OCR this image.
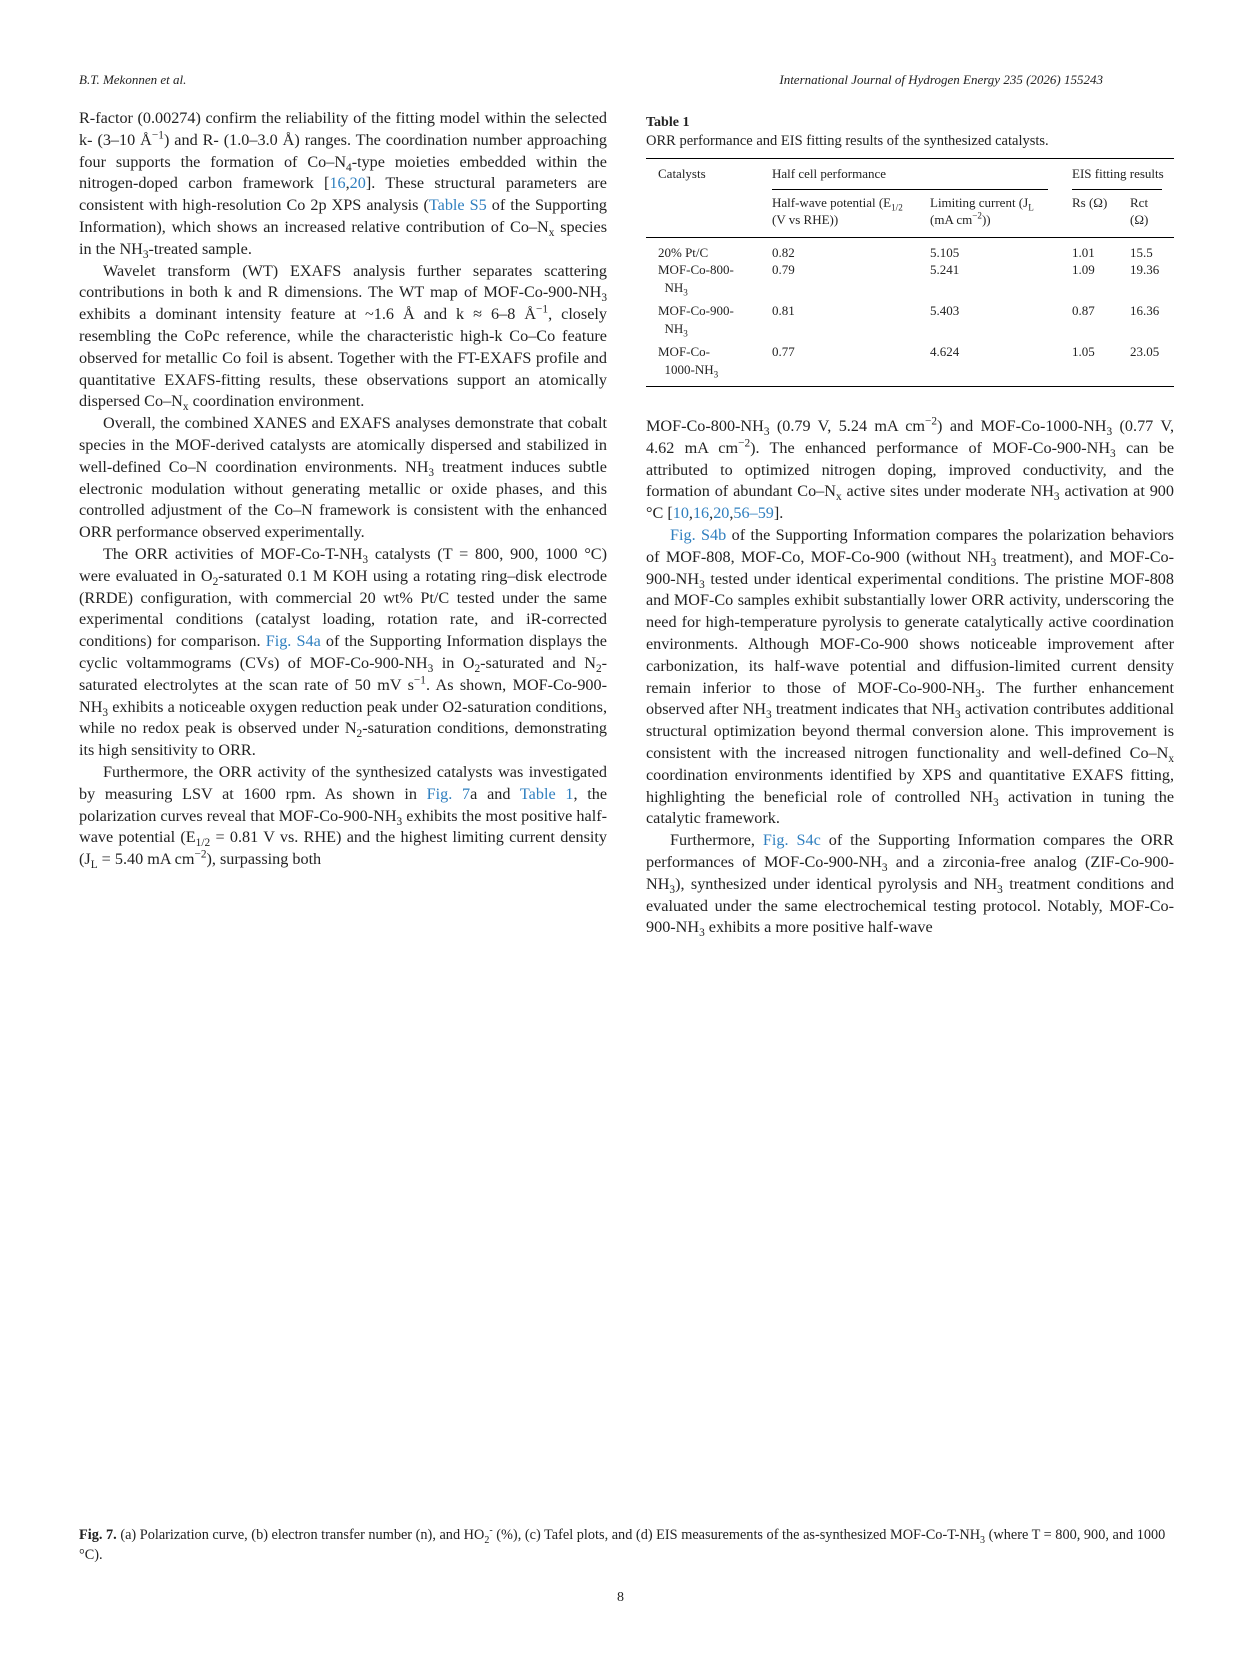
B.T. Mekonnen et al.	International Journal of Hydrogen Energy 235 (2026) 155243

R-factor (0.00274) confirm the reliability of the fitting model within the selected k- (3–10 $Å^{-1}$) and R- (1.0–3.0 Å) ranges. The coordination number approaching four supports the formation of $Co-N_4$-type moieties embedded within the nitrogen-doped carbon framework [16,20]. These structural parameters are consistent with high-resolution Co 2p XPS analysis (Table S5 of the Supporting Information), which shows an increased relative contribution of $Co-N_x$ species in the $NH_3$-treated sample.

Wavelet transform (WT) EXAFS analysis further separates scattering contributions in both k and R dimensions. The WT map of MOF-$Co-900-NH_3$ exhibits a dominant intensity feature at ~1.6 Å and k ≈ 6–8 $Å^{-1}$, closely resembling the CoPc reference, while the characteristic high-k Co–Co feature observed for metallic Co foil is absent. Together with the FT-EXAFS profile and quantitative EXAFS-fitting results, these observations support an atomically dispersed $Co-N_x$ coordination environment.

Overall, the combined XANES and EXAFS analyses demonstrate that cobalt species in the MOF-derived catalysts are atomically dispersed and stabilized in well-defined Co–N coordination environments. $NH_3$ treatment induces subtle electronic modulation without generating metallic or oxide phases, and this controlled adjustment of the Co–N framework is consistent with the enhanced ORR performance observed experimentally.

The ORR activities of MOF-$Co-T-NH_3$ catalysts (T = 800, 900, 1000 °C) were evaluated in $O_2$-saturated 0.1 M KOH using a rotating ring–disk electrode (RRDE) configuration, with commercial 20 wt% Pt/C tested under the same experimental conditions (catalyst loading, rotation rate, and iR-corrected conditions) for comparison. Fig. S4a of the Supporting Information displays the cyclic voltammograms (CVs) of MOF-$Co-900-NH_3$ in $O_2$-saturated and $N_2$-saturated electrolytes at the scan rate of 50 mV $s^{-1}$. As shown, MOF-$Co-900-NH_3$ exhibits a noticeable oxygen reduction peak under O2-saturation conditions, while no redox peak is observed under $N_2$-saturation conditions, demonstrating its high sensitivity to ORR.

Furthermore, the ORR activity of the synthesized catalysts was investigated by measuring LSV at 1600 rpm. As shown in Fig. 7a and Table 1, the polarization curves reveal that MOF-$Co-900-NH_3$ exhibits the most positive half-wave potential ($E_{1/2} = 0.81$ V vs. RHE) and the highest limiting current density ($J_L = 5.40$ mA $cm^{-2}$), surpassing both

Table 1
ORR performance and EIS fitting results of the synthesized catalysts.
Catalysts	Half cell performance		EIS fitting results	

	Half-wave potential ($E_{1/2}$ (V vs RHE))	Limiting current ($J_L$ (mA $cm^{-2}$))	Rs (Ω)	Rct (Ω)

20% Pt/C	0.82	5.105	1.01	15.5
MOF-Co-800-
$NH_3$	0.79	5.241	1.09	19.36
MOF-Co-900-
$NH_3$	0.81	5.403	0.87	16.36
MOF-Co-
$1000-NH_3$	0.77	4.624	1.05	23.05

MOF-$Co-800-NH_3$ (0.79 V, 5.24 mA $cm^{-2}$) and MOF-$Co-1000-NH_3$ (0.77 V, 4.62 mA $cm^{-2}$). The enhanced performance of MOF-$Co-900-NH_3$ can be attributed to optimized nitrogen doping, improved conductivity, and the formation of abundant $Co-N_x$ active sites under moderate $NH_3$ activation at 900 °C [10,16,20,56–59].

Fig. S4b of the Supporting Information compares the polarization behaviors of MOF-808, MOF-Co, MOF-Co-900 (without $NH_3$ treatment), and MOF-$Co-900-NH_3$ tested under identical experimental conditions. The pristine MOF-808 and MOF-Co samples exhibit substantially lower ORR activity, underscoring the need for high-temperature pyrolysis to generate catalytically active coordination environments. Although MOF-Co-900 shows noticeable improvement after carbonization, its half-wave potential and diffusion-limited current density remain inferior to those of MOF-$Co-900-NH_3$. The further enhancement observed after $NH_3$ treatment indicates that $NH_3$ activation contributes additional structural optimization beyond thermal conversion alone. This improvement is consistent with the increased nitrogen functionality and well-defined $Co-N_x$ coordination environments identified by XPS and quantitative EXAFS fitting, highlighting the beneficial role of controlled $NH_3$ activation in tuning the catalytic framework.

Furthermore, Fig. S4c of the Supporting Information compares the ORR performances of MOF-$Co-900-NH_3$ and a zirconia-free analog $(ZIF-Co-900-NH_3)$, synthesized under identical pyrolysis and $NH_3$ treatment conditions and evaluated under the same electrochemical testing protocol. Notably, MOF-$Co-900-NH_3$ exhibits a more positive half-wave

Fig. 7. (a) Polarization curve, (b) electron transfer number (n), and $HO_2^-$ (%), (c) Tafel plots, and (d) EIS measurements of the as-synthesized MOF-$Co-T-NH_3$ (where T = 800, 900, and 1000 °C).
8
